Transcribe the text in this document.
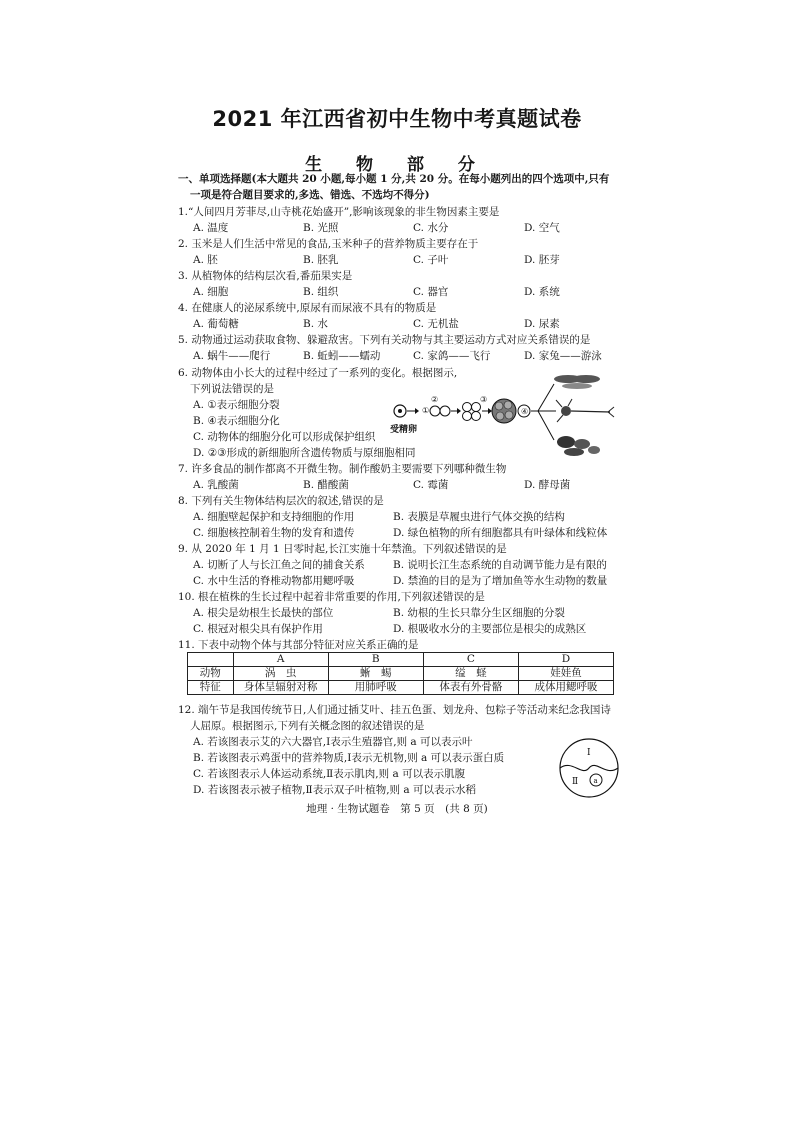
2021 年江西省初中生物中考真题试卷
生 物 部 分
一、单项选择题(本大题共 20 小题,每小题 1 分,共 20 分。在每小题列出的四个选项中,只有
一项是符合题目要求的,多选、错选、不选均不得分)
1.“人间四月芳菲尽,山寺桃花始盛开”,影响该现象的非生物因素主要是
A. 温度	B. 光照	C. 水分	D. 空气
2. 玉米是人们生活中常见的食品,玉米种子的营养物质主要存在于
A. 胚	B. 胚乳	C. 子叶	D. 胚芽
3. 从植物体的结构层次看,番茄果实是
A. 细胞	B. 组织	C. 器官	D. 系统
4. 在健康人的泌尿系统中,原尿有而尿液不具有的物质是
A. 葡萄糖	B. 水	C. 无机盐	D. 尿素
5. 动物通过运动获取食物、躲避敌害。下列有关动物与其主要运动方式对应关系错误的是
A. 蜗牛——爬行	B. 蚯蚓——蠕动	C. 家鸽——飞行	D. 家兔——游泳
6. 动物体由小长大的过程中经过了一系列的变化。根据图示,
下列说法错误的是
A. ①表示细胞分裂
B. ④表示细胞分化
C. 动物体的细胞分化可以形成保护组织
D. ②③形成的新细胞所含遗传物质与原细胞相同
①
②	③
④
受精卵
7. 许多食品的制作都离不开微生物。制作酸奶主要需要下列哪种微生物
A. 乳酸菌	B. 醋酸菌	C. 霉菌	D. 酵母菌
8. 下列有关生物体结构层次的叙述,错误的是
A. 细胞壁起保护和支持细胞的作用	B. 表膜是草履虫进行气体交换的结构
C. 细胞核控制着生物的发育和遗传	D. 绿色植物的所有细胞都具有叶绿体和线粒体
9. 从 2020 年 1 月 1 日零时起,长江实施十年禁渔。下列叙述错误的是
A. 切断了人与长江鱼之间的捕食关系	B. 说明长江生态系统的自动调节能力是有限的
C. 水中生活的脊椎动物都用鳃呼吸	D. 禁渔的目的是为了增加鱼等水生动物的数量
10. 根在植株的生长过程中起着非常重要的作用,下列叙述错误的是
A. 根尖是幼根生长最快的部位	B. 幼根的生长只靠分生区细胞的分裂
C. 根冠对根尖具有保护作用	D. 根吸收水分的主要部位是根尖的成熟区
11. 下表中动物个体与其部分特征对应关系正确的是
	A	B	C	D
动物	涡　虫	蜥　蜴	缢　蛏	娃娃鱼
特征	身体呈辐射对称	用肺呼吸	体表有外骨骼	成体用鳃呼吸
12. 端午节是我国传统节日,人们通过插艾叶、挂五色蛋、划龙舟、包粽子等活动来纪念我国诗
人屈原。根据图示,下列有关概念图的叙述错误的是
A. 若该图表示艾的六大器官,Ⅰ表示生殖器官,则 a 可以表示叶
B. 若该图表示鸡蛋中的营养物质,Ⅰ表示无机物,则 a 可以表示蛋白质
C. 若该图表示人体运动系统,Ⅱ表示肌肉,则 a 可以表示肌腹
D. 若该图表示被子植物,Ⅱ表示双子叶植物,则 a 可以表示水稻
Ⅰ
Ⅱ a
地理 · 生物试题卷　第 5 页　(共 8 页)
